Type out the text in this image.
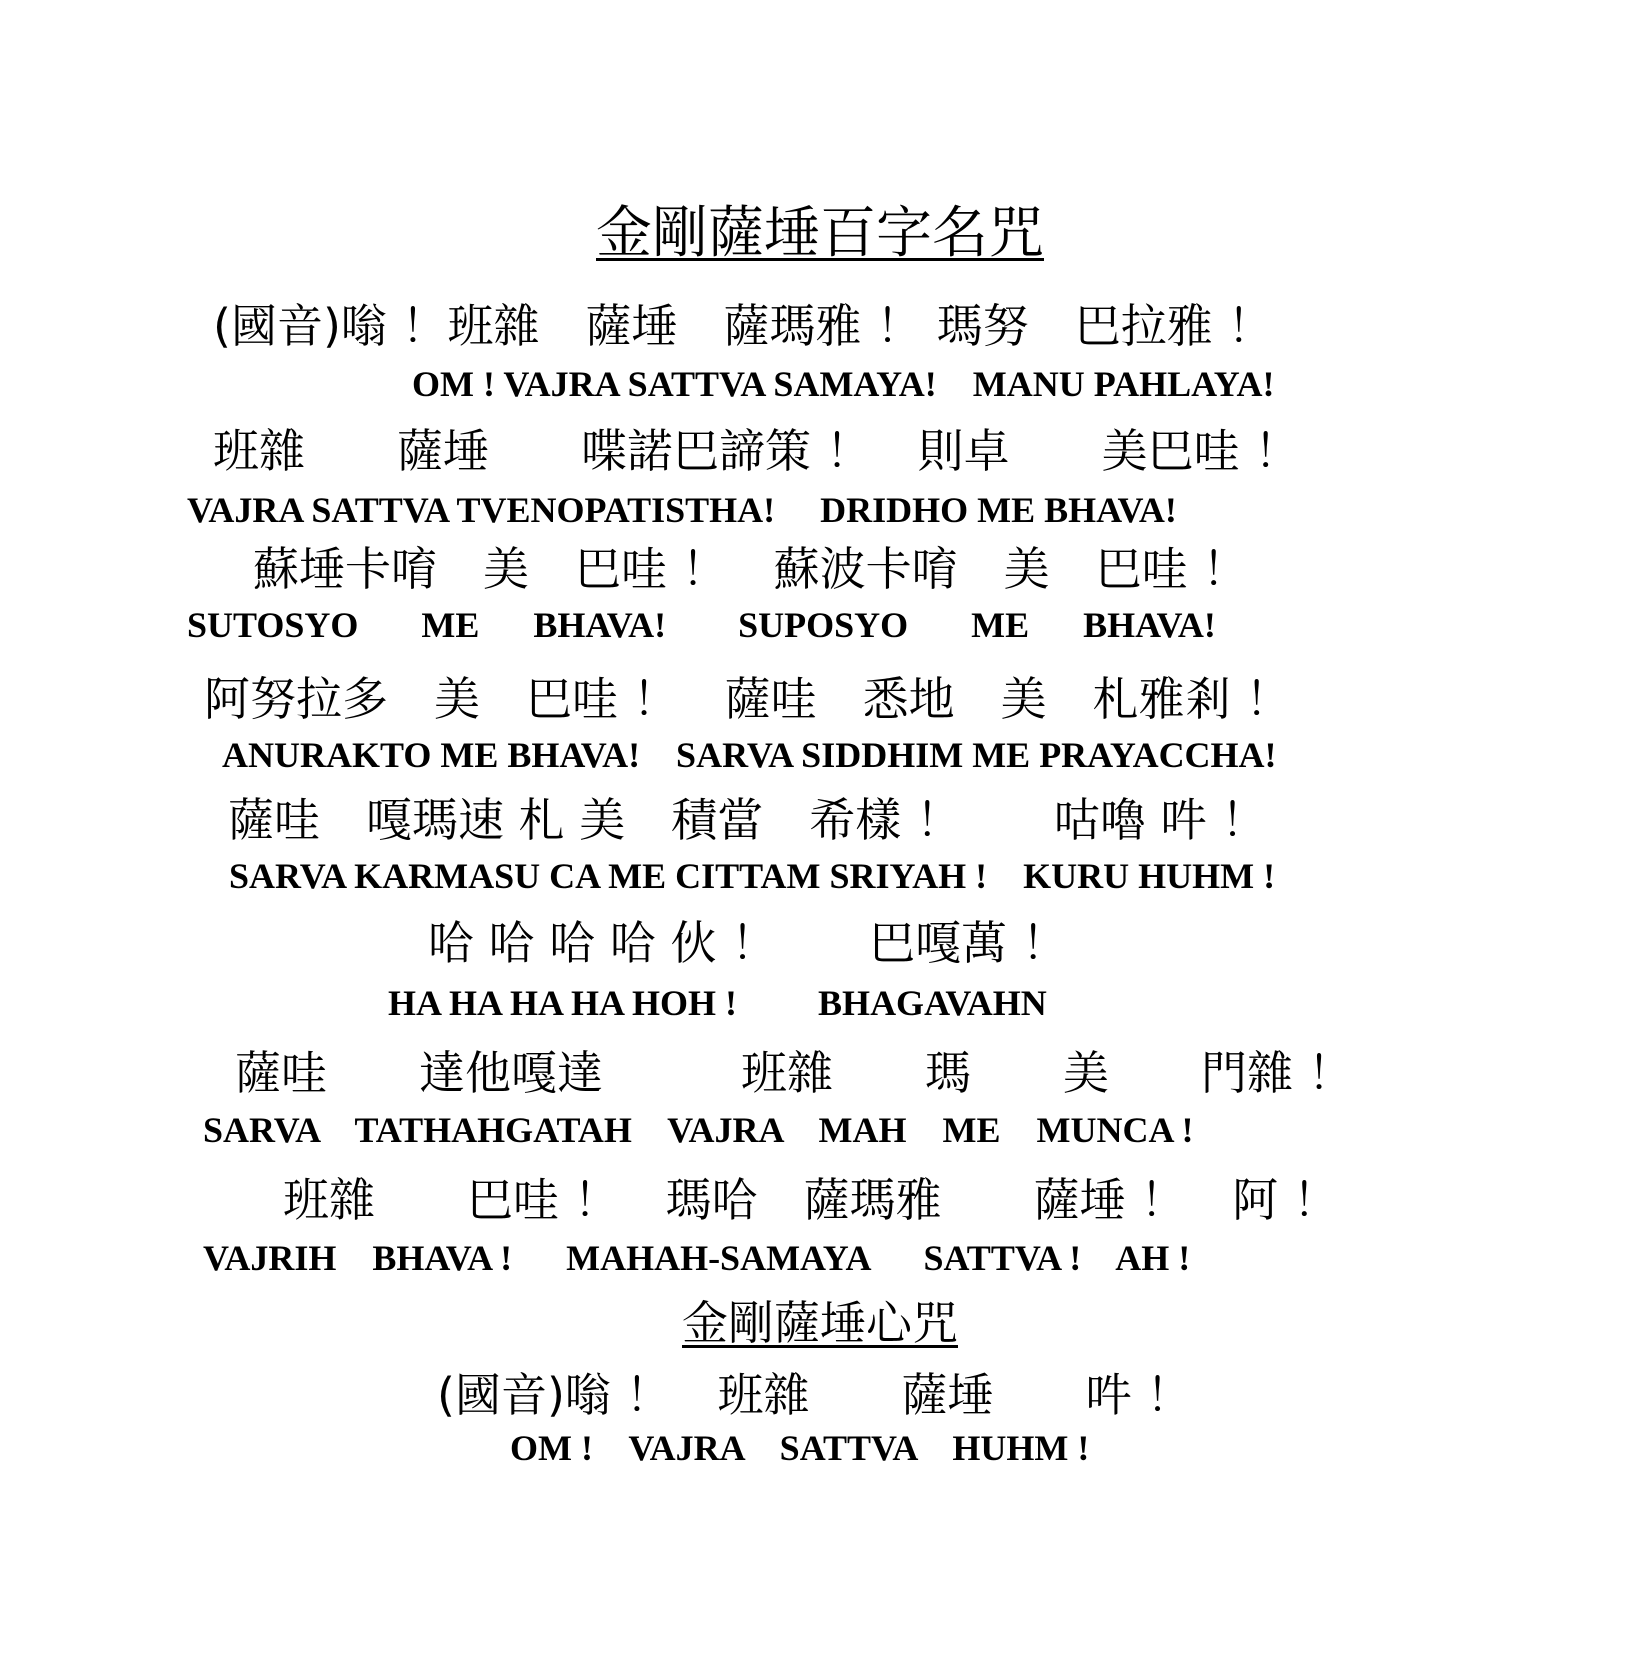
金剛薩埵百字名咒
(國音)嗡 ！班雜　薩埵　薩瑪雅 ！ 瑪努　巴拉雅 ！
OM ! VAJRA SATTVA SAMAYA!    MANU PAHLAYA!
班雜　　薩埵　　喋諾巴諦策 ！　則卓　　美巴哇 ！
VAJRA SATTVA TVENOPATISTHA!     DRIDHO ME BHAVA!
蘇埵卡唷　美　巴哇 ！　蘇波卡唷　美　巴哇 ！
SUTOSYO       ME      BHAVA!        SUPOSYO       ME      BHAVA!
阿努拉多　美　巴哇 ！　薩哇　悉地　美　札雅剎 ！
ANURAKTO ME BHAVA!    SARVA SIDDHIM ME PRAYACCHA!
薩哇　嘎瑪速 札 美　積當　希樣 ！　　咕嚕 吽 ！
SARVA KARMASU CA ME CITTAM SRIYAH !    KURU HUHM !
哈 哈 哈 哈 伙 ！　　巴嘎萬 ！
HA HA HA HA HOH !         BHAGAVAHN
薩哇　　達他嘎達　　　班雜　　瑪　　美　　門雜 ！
SARVA    TATHAHGATAH    VAJRA    MAH    ME    MUNCA !
班雜　　巴哇 ！　瑪哈　薩瑪雅　　薩埵 ！　阿 ！
VAJRIH    BHAVA !      MAHAH-SAMAYA      SATTVA !    AH !
金剛薩埵心咒
(國音)嗡 ！　班雜　　薩埵　　吽 ！
OM !    VAJRA    SATTVA    HUHM !
